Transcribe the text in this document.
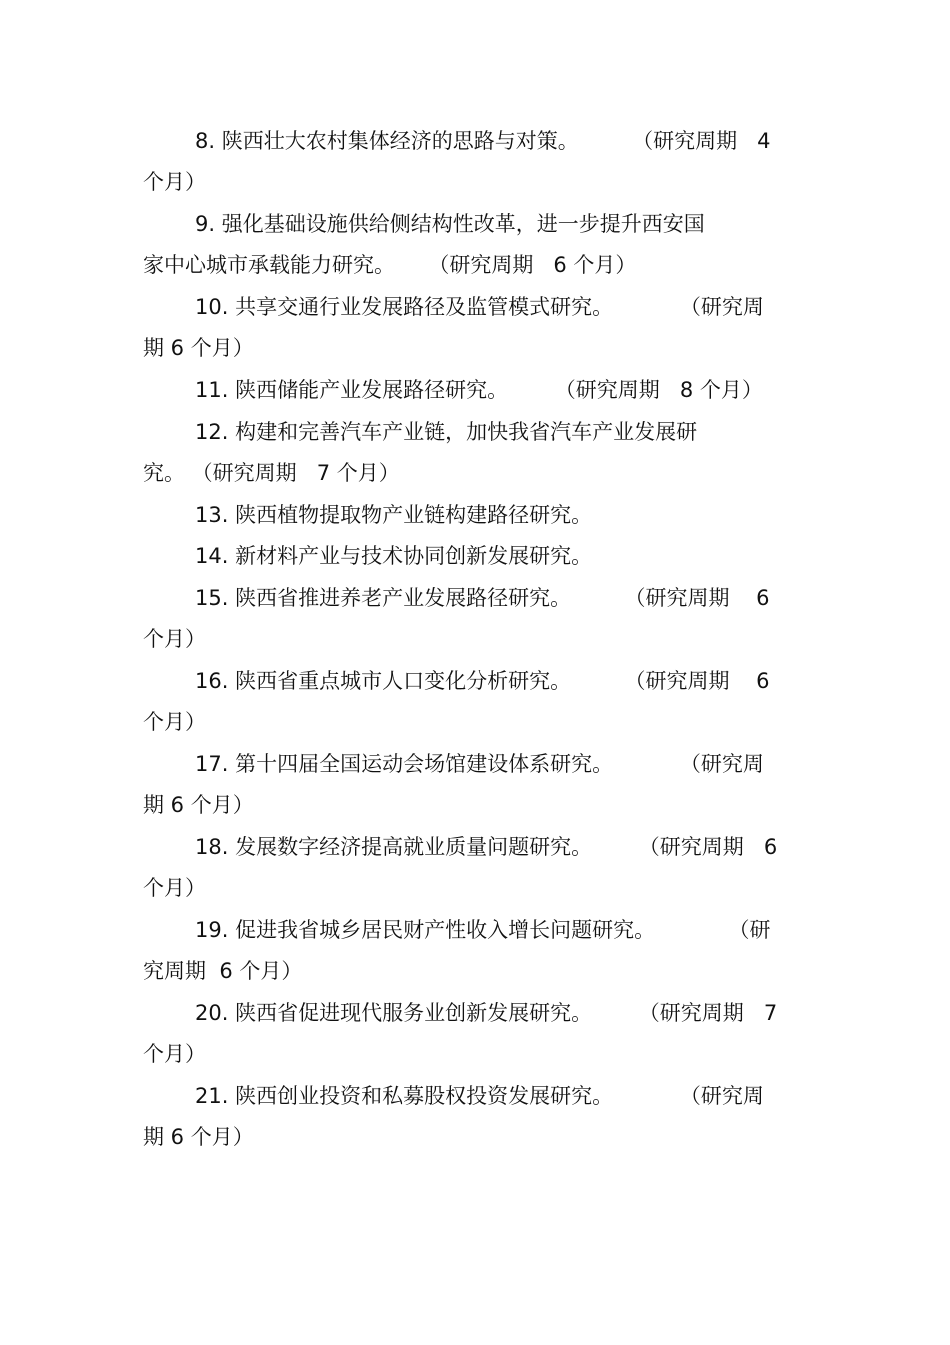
8. 陕西壮大农村集体经济的思路与对策。        （研究周期   4

个月）

9. 强化基础设施供给侧结构性改革，进一步提升西安国

家中心城市承载能力研究。     （研究周期   6 个月）

10. 共享交通行业发展路径及监管模式研究。          （研究周

期 6 个月）

11. 陕西储能产业发展路径研究。       （研究周期   8 个月）

12. 构建和完善汽车产业链，加快我省汽车产业发展研

究。 （研究周期   7 个月）

13. 陕西植物提取物产业链构建路径研究。

14. 新材料产业与技术协同创新发展研究。

15. 陕西省推进养老产业发展路径研究。        （研究周期    6

个月）

16. 陕西省重点城市人口变化分析研究。        （研究周期    6

个月）

17. 第十四届全国运动会场馆建设体系研究。          （研究周

期 6 个月）

18. 发展数字经济提高就业质量问题研究。       （研究周期   6

个月）

19. 促进我省城乡居民财产性收入增长问题研究。           （研

究周期  6 个月）

20. 陕西省促进现代服务业创新发展研究。       （研究周期   7

个月）

21. 陕西创业投资和私募股权投资发展研究。          （研究周

期 6 个月）
